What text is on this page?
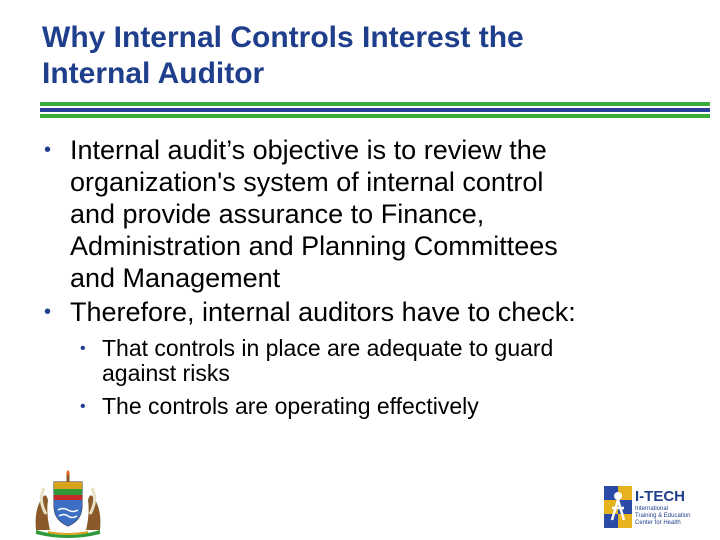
Why Internal Controls Interest the
Internal Auditor
• Internal audit’s objective is to review the
organization's system of internal control
and provide assurance to Finance,
Administration and Planning Committees
and Management
• Therefore, internal auditors have to check:
• That controls in place are adequate to guard
against risks
• The controls are operating effectively
I-TECH
International
Training & Education
Center for Health
